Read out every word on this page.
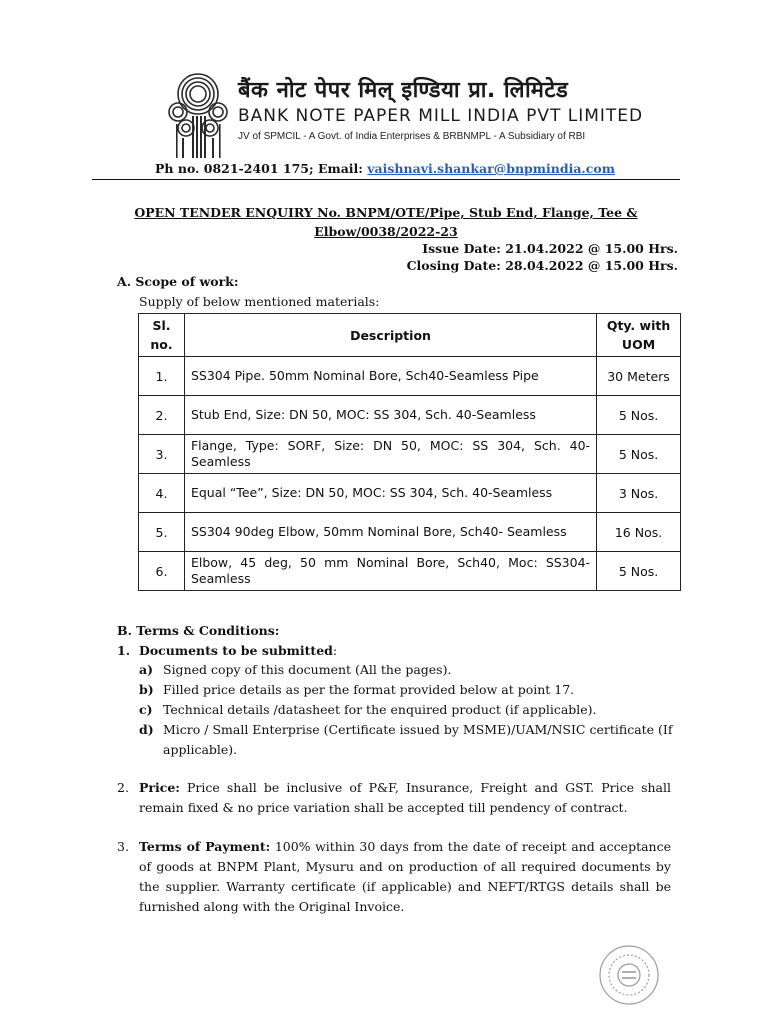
बैंक नोट पेपर मिल् इण्डिया प्रा. लिमिटेड
BANK NOTE PAPER MILL INDIA PVT LIMITED
JV of SPMCIL - A Govt. of India Enterprises & BRBNMPL - A Subsidiary of RBI
Ph no. 0821-2401 175; Email: vaishnavi.shankar@bnpmindia.com
OPEN TENDER ENQUIRY No. BNPM/OTE/Pipe, Stub End, Flange, Tee &
Elbow/0038/2022-23
Issue Date: 21.04.2022 @ 15.00 Hrs.
Closing Date: 28.04.2022 @ 15.00 Hrs.
A. Scope of work:
Supply of below mentioned materials:
Sl. no.	Description	Qty. with UOM
1.	SS304 Pipe. 50mm Nominal Bore, Sch40-Seamless Pipe	30 Meters
2.	Stub End, Size: DN 50, MOC: SS 304, Sch. 40-Seamless	5 Nos.
3.	Flange, Type: SORF, Size: DN 50, MOC: SS 304, Sch. 40-Seamless	5 Nos.
4.	Equal “Tee”, Size: DN 50, MOC: SS 304, Sch. 40-Seamless	3 Nos.
5.	SS304 90deg Elbow, 50mm Nominal Bore, Sch40- Seamless	16 Nos.
6.	Elbow, 45 deg, 50 mm Nominal Bore, Sch40, Moc: SS304-Seamless	5 Nos.
B. Terms & Conditions:
1. Documents to be submitted:
a) Signed copy of this document (All the pages).
b) Filled price details as per the format provided below at point 17.
c) Technical details /datasheet for the enquired product (if applicable).
d) Micro / Small Enterprise (Certificate issued by MSME)/UAM/NSIC certificate (If applicable).
2. Price: Price shall be inclusive of P&F, Insurance, Freight and GST. Price shall remain fixed & no price variation shall be accepted till pendency of contract.
3. Terms of Payment: 100% within 30 days from the date of receipt and acceptance of goods at BNPM Plant, Mysuru and on production of all required documents by the supplier. Warranty certificate (if applicable) and NEFT/RTGS details shall be furnished along with the Original Invoice.
